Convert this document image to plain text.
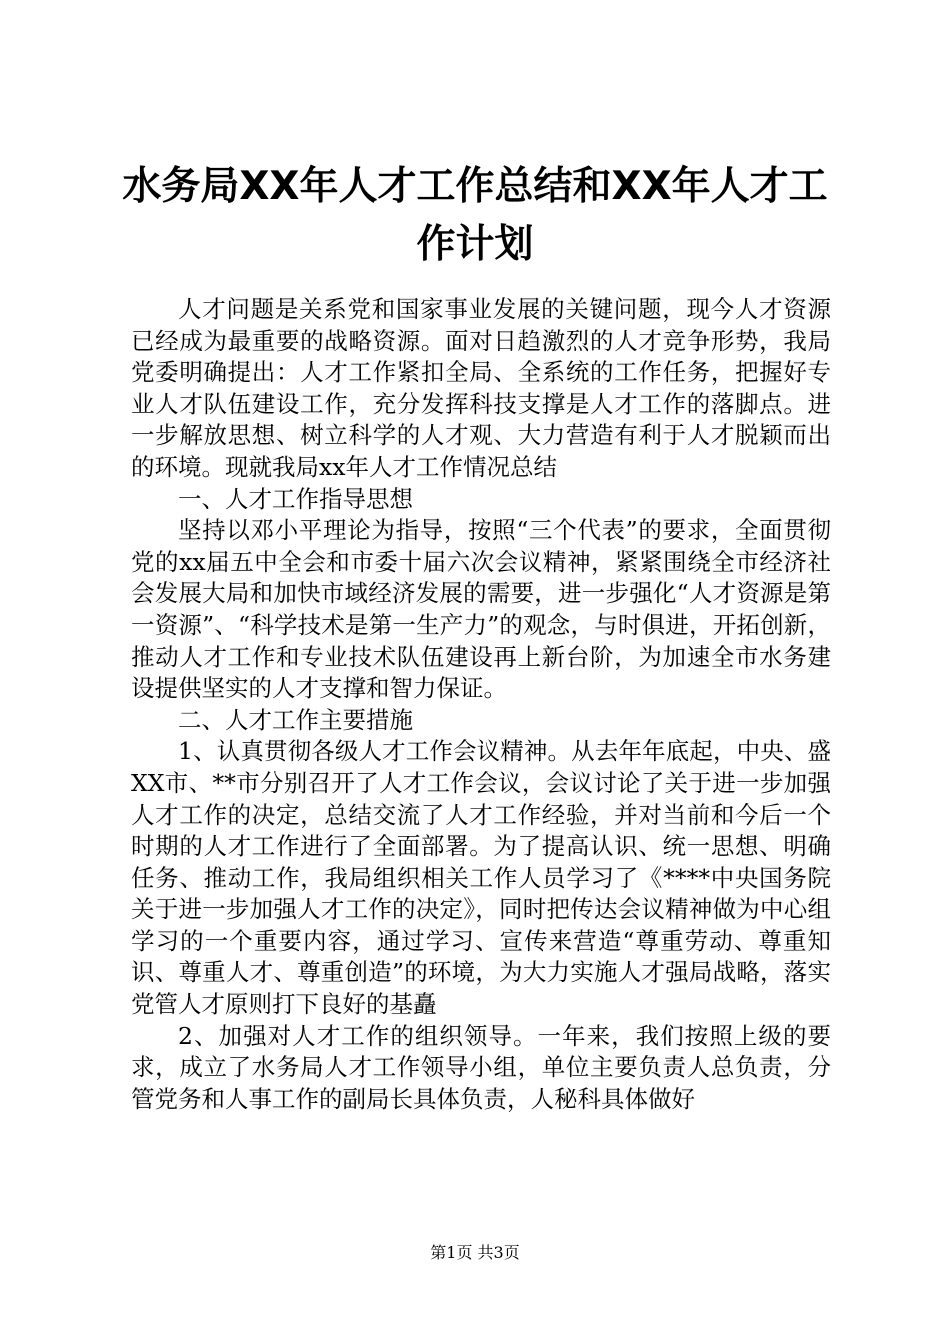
水务局XX年人才工作总结和XX年人才工作计划

人才问题是关系党和国家事业发展的关键问题，现今人才资源已经成为最重要的战略资源。面对日趋激烈的人才竞争形势，我局党委明确提出：人才工作紧扣全局、全系统的工作任务，把握好专业人才队伍建设工作，充分发挥科技支撑是人才工作的落脚点。进一步解放思想、树立科学的人才观、大力营造有利于人才脱颖而出的环境。现就我局xx年人才工作情况总结

一、人才工作指导思想

坚持以邓小平理论为指导，按照“三个代表”的要求，全面贯彻党的xx届五中全会和市委十届六次会议精神，紧紧围绕全市经济社会发展大局和加快市域经济发展的需要，进一步强化“人才资源是第一资源”、“科学技术是第一生产力”的观念，与时俱进，开拓创新，推动人才工作和专业技术队伍建设再上新台阶，为加速全市水务建设提供坚实的人才支撑和智力保证。

二、人才工作主要措施

1、认真贯彻各级人才工作会议精神。从去年年底起，中央、盛XX市、**市分别召开了人才工作会议，会议讨论了关于进一步加强人才工作的决定，总结交流了人才工作经验，并对当前和今后一个时期的人才工作进行了全面部署。为了提高认识、统一思想、明确任务、推动工作，我局组织相关工作人员学习了《****中央国务院关于进一步加强人才工作的决定》，同时把传达会议精神做为中心组学习的一个重要内容，通过学习、宣传来营造“尊重劳动、尊重知识、尊重人才、尊重创造”的环境，为大力实施人才强局战略，落实党管人才原则打下良好的基矗

2、加强对人才工作的组织领导。一年来，我们按照上级的要求，成立了水务局人才工作领导小组，单位主要负责人总负责，分管党务和人事工作的副局长具体负责，人秘科具体做好

第1页 共3页
